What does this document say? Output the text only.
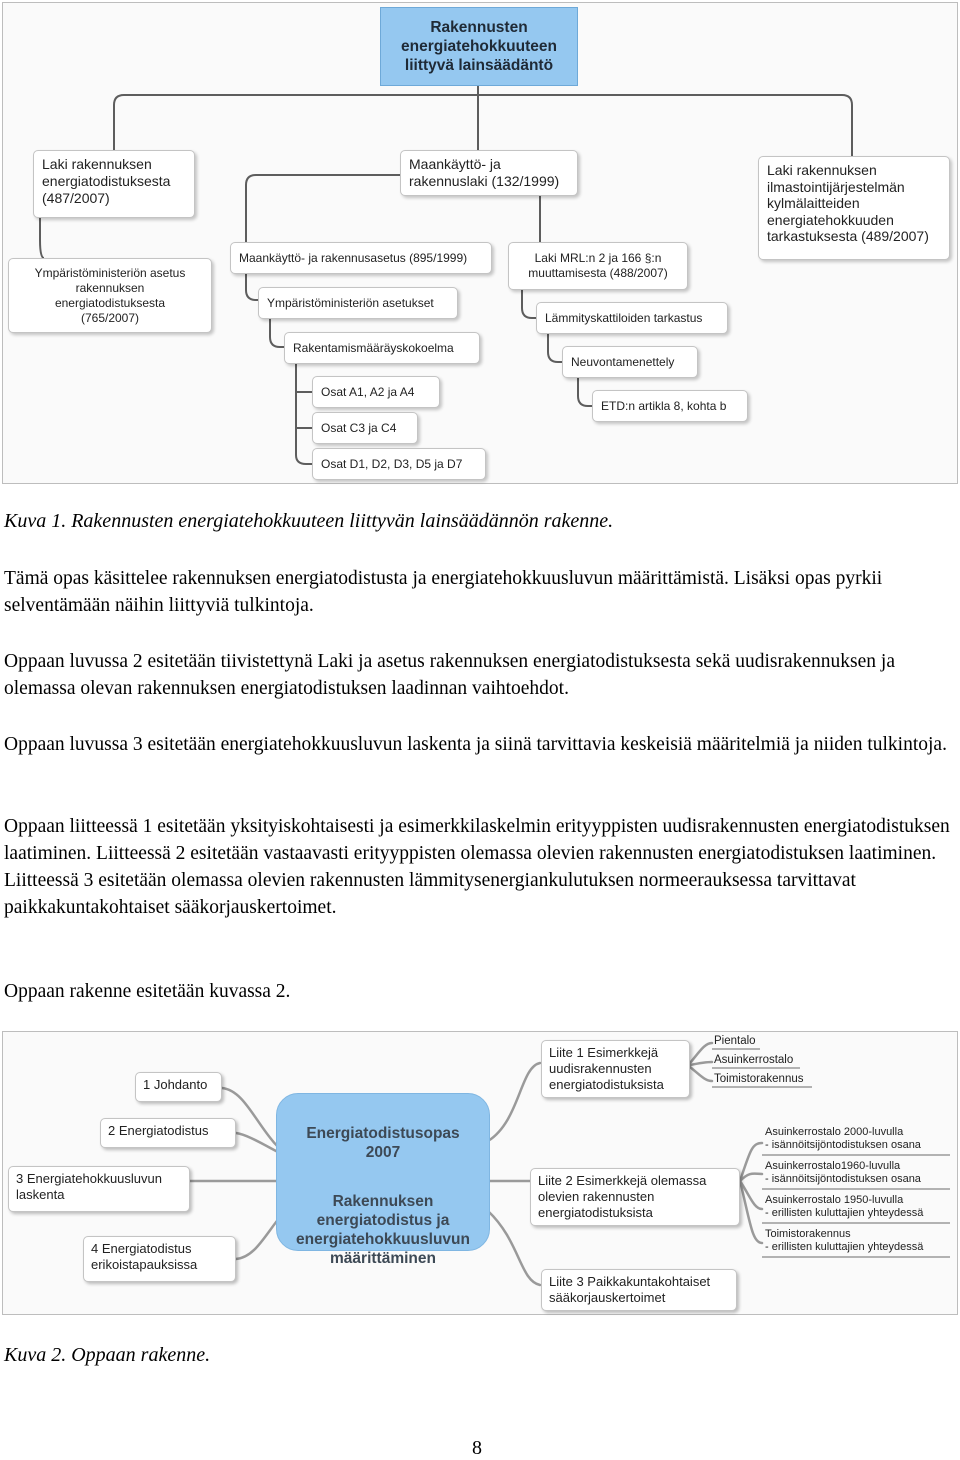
Rakennusten
energiatehokkuuteen
liittyvä lainsäädäntö
Laki rakennuksen
energiatodistuksesta
(487/2007)
Ympäristöministeriön asetus
rakennuksen
energiatodistuksesta
(765/2007)
Maankäyttö- ja
rakennuslaki (132/1999)
Maankäyttö- ja rakennusasetus (895/1999)
Ympäristöministeriön asetukset
Rakentamismääräyskokoelma
Osat A1, A2 ja A4
Osat C3 ja C4
Osat D1, D2, D3, D5 ja D7
Laki MRL:n 2 ja 166 §:n
muuttamisesta (488/2007)
Lämmityskattiloiden tarkastus
Neuvontamenettely
ETD:n artikla 8, kohta b
Laki rakennuksen
ilmastointijärjestelmän
kylmälaitteiden
energiatehokkuuden
tarkastuksesta (489/2007)
Kuva 1. Rakennusten energiatehokkuuteen liittyvän lainsäädännön rakenne.

Tämä opas käsittelee rakennuksen energiatodistusta ja energiatehokkuusluvun määrittämistä. Lisäksi opas pyrkii selventämään näihin liittyviä tulkintoja.

Oppaan luvussa 2 esitetään tiivistettynä Laki ja asetus rakennuksen energiatodistuksesta sekä uudisrakennuksen ja olemassa olevan rakennuksen energiatodistuksen laadinnan vaihtoehdot.

Oppaan luvussa 3 esitetään energiatehokkuusluvun laskenta ja siinä tarvittavia keskeisiä määritelmiä ja niiden tulkintoja.

Oppaan liitteessä 1 esitetään yksityiskohtaisesti ja esimerkkilaskelmin erityyppisten uudisrakennusten energiatodistuksen laatiminen. Liitteessä 2 esitetään vastaavasti erityyppisten olemassa olevien rakennusten energiatodistuksen laatiminen. Liitteessä 3 esitetään olemassa olevien rakennusten lämmitysenergiankulutuksen normeerauksessa tarvittavat paikkakuntakohtaiset sääkorjauskertoimet.

Oppaan rakenne esitetään kuvassa 2.

Energiatodistusopas
2007

Rakennuksen
energiatodistus ja
energiatehokkuusluvun
määrittäminen

1 Johdanto
2 Energiatodistus
3 Energiatehokkuusluvun
laskenta
4 Energiatodistus
erikoistapauksissa
Liite 1 Esimerkkejä
uudisrakennusten
energiatodistuksista
Liite 2 Esimerkkejä olemassa
olevien rakennusten
energiatodistuksista
Liite 3 Paikkakuntakohtaiset
sääkorjauskertoimet
Pientalo
Asuinkerrostalo
Toimistorakennus
Asuinkerrostalo 2000-luvulla
- isännöitsijöntodistuksen osana
Asuinkerrostalo1960-luvulla
- isännöitsijöntodistuksen osana
Asuinkerrostalo 1950-luvulla
- erillisten kuluttajien yhteydessä
Toimistorakennus
- erillisten kuluttajien yhteydessä
Kuva 2. Oppaan rakenne.
8
